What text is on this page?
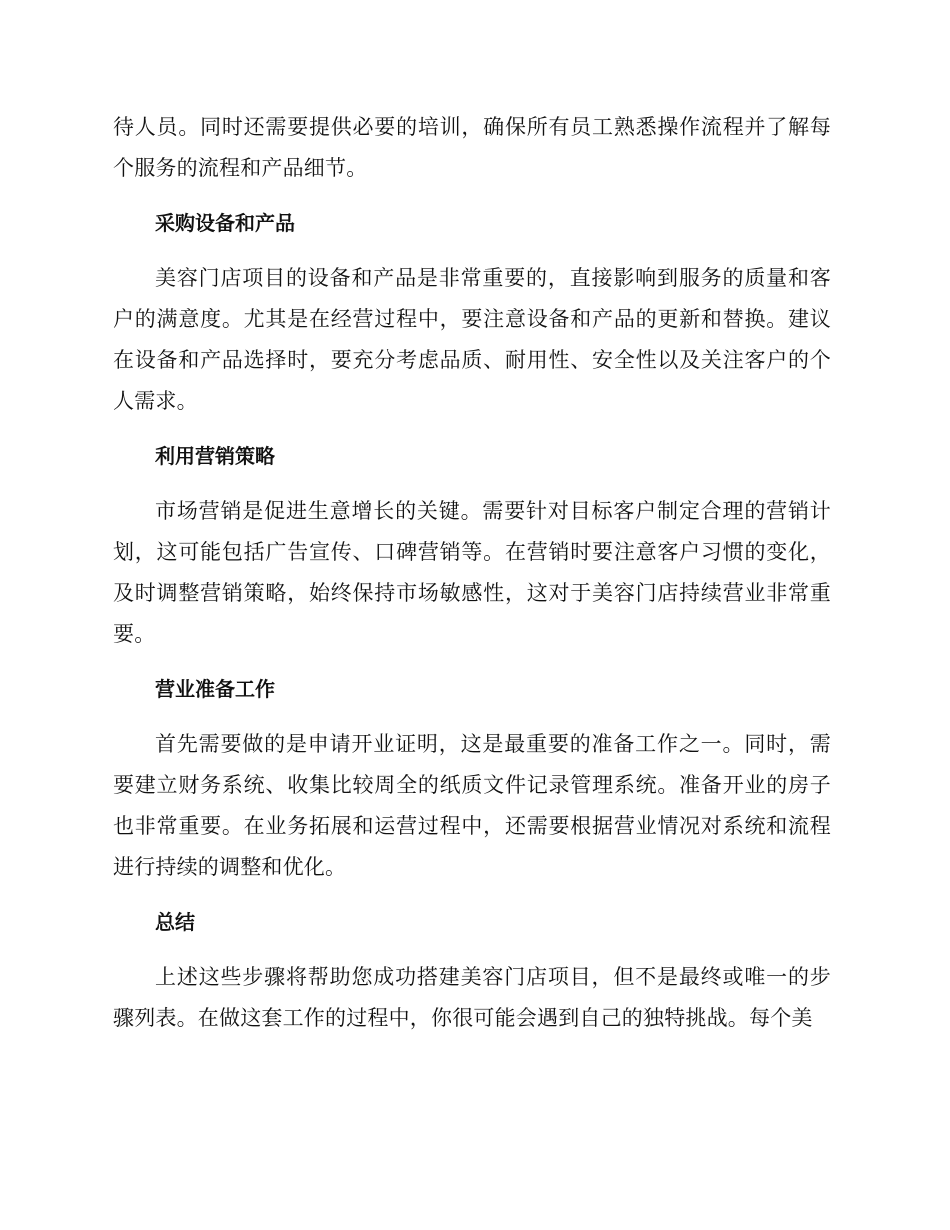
待人员。同时还需要提供必要的培训，确保所有员工熟悉操作流程并了解每个服务的流程和产品细节。

采购设备和产品

美容门店项目的设备和产品是非常重要的，直接影响到服务的质量和客户的满意度。尤其是在经营过程中，要注意设备和产品的更新和替换。建议在设备和产品选择时，要充分考虑品质、耐用性、安全性以及关注客户的个人需求。

利用营销策略

市场营销是促进生意增长的关键。需要针对目标客户制定合理的营销计划，这可能包括广告宣传、口碑营销等。在营销时要注意客户习惯的变化，及时调整营销策略，始终保持市场敏感性，这对于美容门店持续营业非常重要。

营业准备工作

首先需要做的是申请开业证明，这是最重要的准备工作之一。同时，需要建立财务系统、收集比较周全的纸质文件记录管理系统。准备开业的房子也非常重要。在业务拓展和运营过程中，还需要根据营业情况对系统和流程进行持续的调整和优化。

总结

上述这些步骤将帮助您成功搭建美容门店项目，但不是最终或唯一的步骤列表。在做这套工作的过程中，你很可能会遇到自己的独特挑战。每个美
